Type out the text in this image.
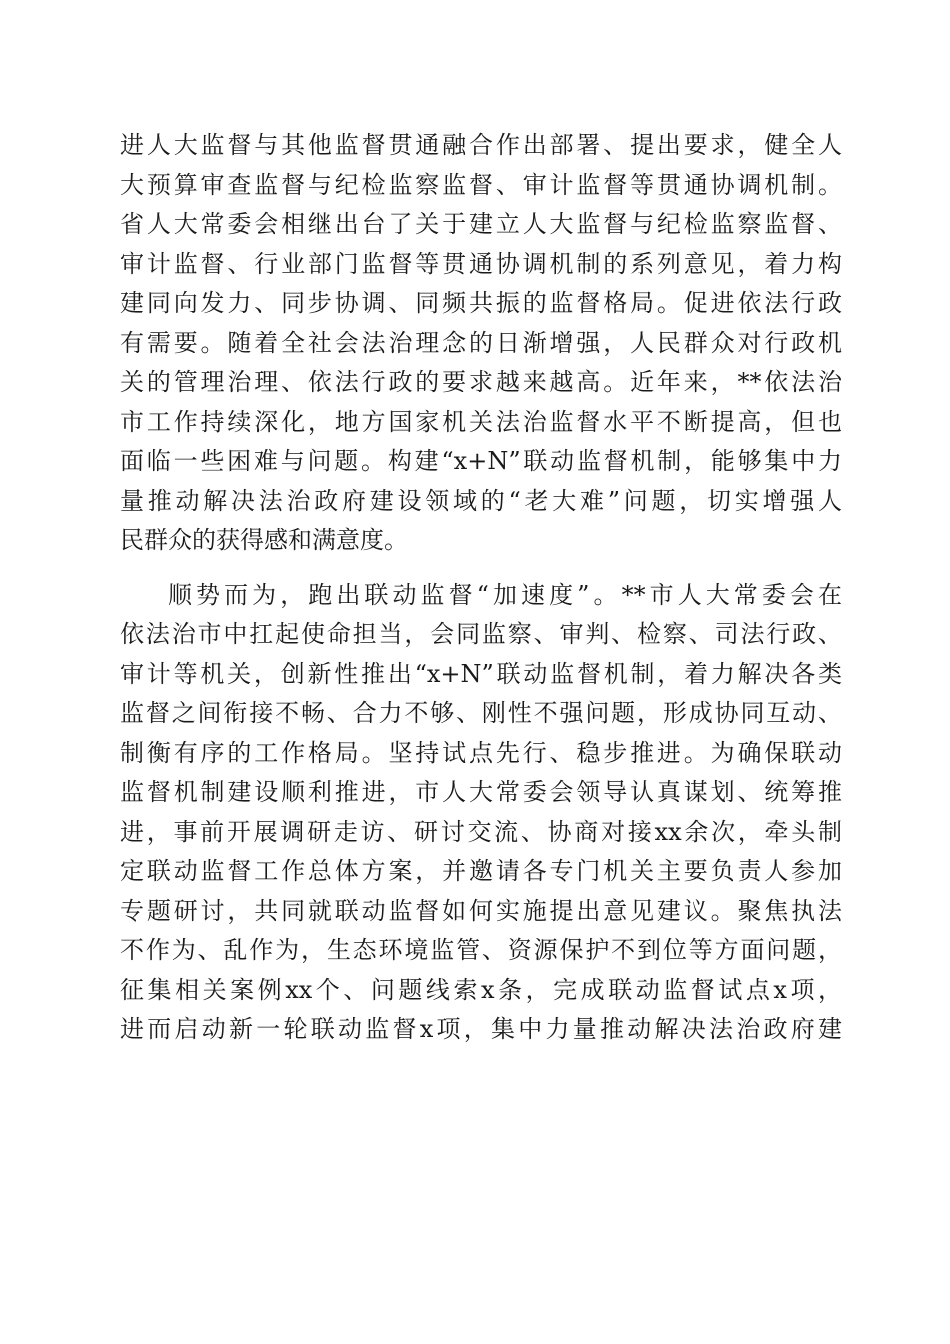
进人大监督与其他监督贯通融合作出部署、提出要求，健全人
大预算审查监督与纪检监察监督、审计监督等贯通协调机制。
省人大常委会相继出台了关于建立人大监督与纪检监察监督、
审计监督、行业部门监督等贯通协调机制的系列意见，着力构
建同向发力、同步协调、同频共振的监督格局。促进依法行政
有需要。随着全社会法治理念的日渐增强，人民群众对行政机
关的管理治理、依法行政的要求越来越高。近年来，**依法治
市工作持续深化，地方国家机关法治监督水平不断提高，但也
面临一些困难与问题。构建“x+N”联动监督机制，能够集中力
量推动解决法治政府建设领域的“老大难”问题，切实增强人
民群众的获得感和满意度。
顺势而为，跑出联动监督“加速度”。**市人大常委会在
依法治市中扛起使命担当，会同监察、审判、检察、司法行政、
审计等机关，创新性推出“x+N”联动监督机制，着力解决各类
监督之间衔接不畅、合力不够、刚性不强问题，形成协同互动、
制衡有序的工作格局。坚持试点先行、稳步推进。为确保联动
监督机制建设顺利推进，市人大常委会领导认真谋划、统筹推
进，事前开展调研走访、研讨交流、协商对接xx余次，牵头制
定联动监督工作总体方案，并邀请各专门机关主要负责人参加
专题研讨，共同就联动监督如何实施提出意见建议。聚焦执法
不作为、乱作为，生态环境监管、资源保护不到位等方面问题，
征集相关案例xx个、问题线索x条，完成联动监督试点x项，
进而启动新一轮联动监督x项，集中力量推动解决法治政府建
